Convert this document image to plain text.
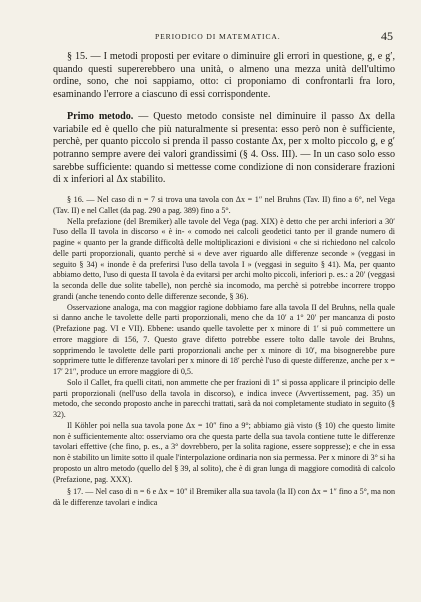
PERIODICO DI MATEMATICA.	45

§ 15. — I metodi proposti per evitare o diminuire gli errori in questione, g, e g′, quando questi supererebbero una unità, o almeno una mezza unità dell'ultimo ordine, sono, che noi sappiamo, otto: ci proponiamo di confrontarli fra loro, esaminando l'errore a ciascuno di essi corrispondente.

Primo metodo. — Questo metodo consiste nel diminuire il passo Δx della variabile ed è quello che più naturalmente si presenta: esso però non è sufficiente, perchè, per quanto piccolo si prenda il passo costante Δx, per x molto piccolo g, e g′ potranno sempre avere dei valori grandissimi (§ 4. Oss. III). — In un caso solo esso sarebbe sufficiente: quando si mettesse come condizione di non considerare frazioni di x inferiori al Δx stabilito.

§ 16. — Nel caso di n = 7 si trova una tavola con Δx = 1″ nel Bruhns (Tav. II) fino a 6°, nel Vega (Tav. II) e nel Callet (da pag. 290 a pag. 389) fino a 5°.

Nella prefazione (del Bremiker) alle tavole del Vega (pag. XIX) è detto che per archi inferiori a 30′ l'uso della II tavola in discorso « è in- « comodo nei calcoli geodetici tanto per il grande numero di pagine « quanto per la grande difficoltà delle moltiplicazioni e divisioni « che si richiedono nel calcolo delle parti proporzionali, quanto perchè si « deve aver riguardo alle differenze seconde » (veggasi in seguito § 34) « inonde è da preferirsi l'uso della tavola I » (veggasi in seguito § 41). Ma, per quanto abbiamo detto, l'uso di questa II tavola è da evitarsi per archi molto piccoli, inferiori p. es.: a 20′ (veggasi la seconda delle due solite tabelle), non perchè sia incomodo, ma perchè si potrebbe incorrere troppo grandi (anche tenendo conto delle differenze seconde, § 36).

Osservazione analoga, ma con maggior ragione dobbiamo fare alla tavola II del Bruhns, nella quale si danno anche le tavolette delle parti proporzionali, meno che da 10′ a 1° 20′ per mancanza di posto (Prefazione pag. VI e VII). Ebbene: usando quelle tavolette per x minore di 1′ si può commettere un errore maggiore di 156, 7. Questo grave difetto potrebbe essere tolto dalle tavole dei Bruhns, sopprimendo le tavolette delle parti proporzionali anche per x minore di 10′, ma bisognerebbe pure sopprimere tutte le differenze tavolari per x minore di 18′ perchè l'uso di queste differenze, anche per x = 17′ 21″, produce un errore maggiore di 0,5.

Solo il Callet, fra quelli citati, non ammette che per frazioni di 1″ si possa applicare il principio delle parti proporzionali (nell'uso della tavola in discorso), e indica invece (Avvertissement, pag. 35) un metodo, che secondo proposto anche in parecchi trattati, sarà da noi completamente studiato in seguito (§ 32).

Il Köhler poi nella sua tavola pone Δx = 10″ fino a 9°; abbiamo già visto (§ 10) che questo limite non è sufficientemente alto: osserviamo ora che questa parte della sua tavola contiene tutte le differenze tavolari effettive (che fino, p. es., a 3° dovrebbero, per la solita ragione, essere soppresse); e che in essa non è stabilito un limite sotto il quale l'interpolazione ordinaria non sia permessa. Per x minore di 3° si ha proposto un altro metodo (quello del § 39, al solito), che è di gran lunga di maggiore comodità di calcolo (Prefazione, pag. XXX).

§ 17. — Nel caso di n = 6 e Δx = 10″ il Bremiker alla sua tavola (la II) con Δx = 1″ fino a 5°, ma non dà le differenze tavolari e indica
